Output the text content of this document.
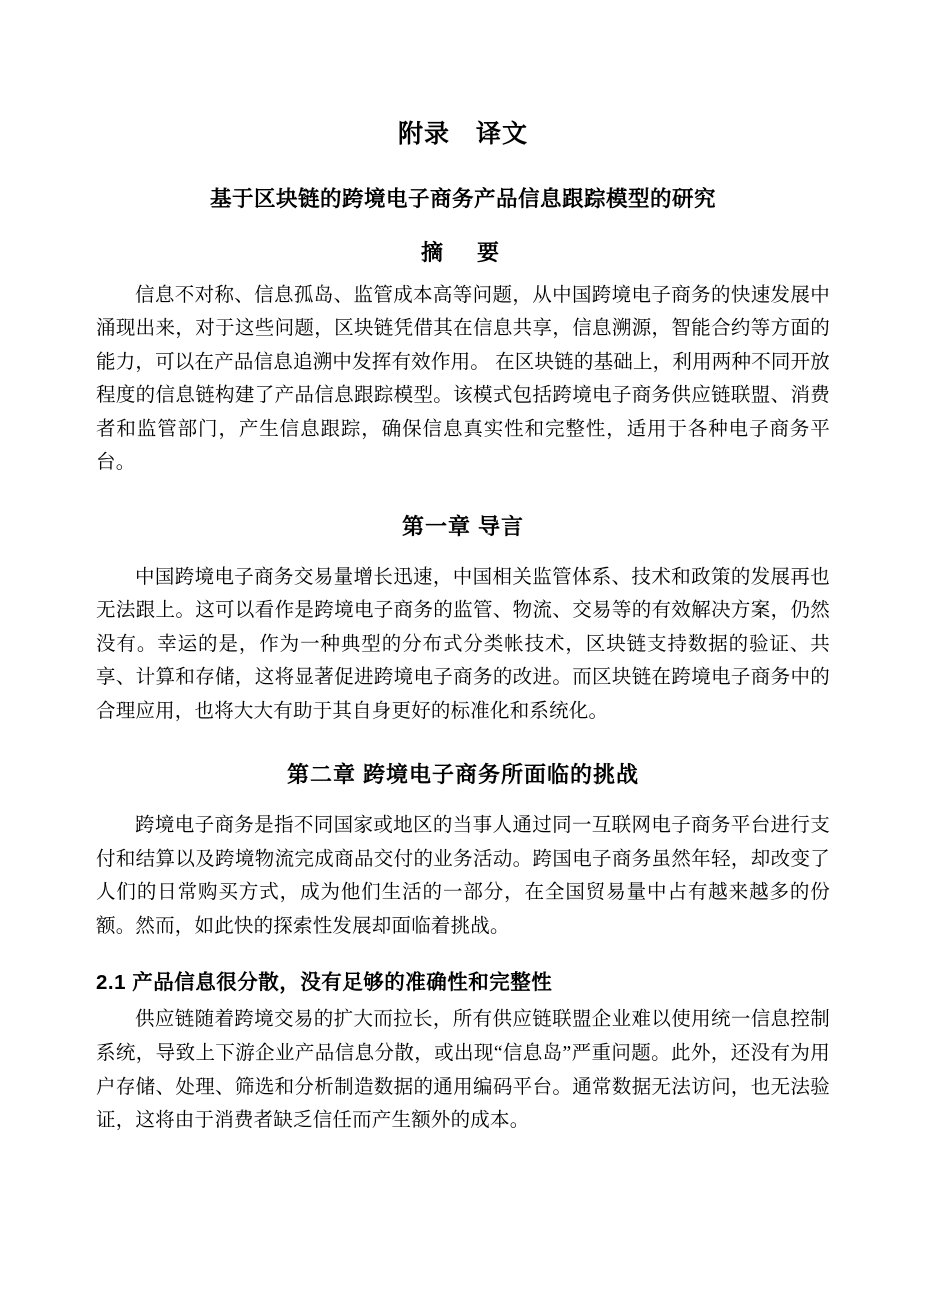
附录　译文
基于区块链的跨境电子商务产品信息跟踪模型的研究
摘　要

信息不对称、信息孤岛、监管成本高等问题，从中国跨境电子商务的快速发展中涌现出来，对于这些问题，区块链凭借其在信息共享，信息溯源，智能合约等方面的能力，可以在产品信息追溯中发挥有效作用。 在区块链的基础上，利用两种不同开放程度的信息链构建了产品信息跟踪模型。该模式包括跨境电子商务供应链联盟、消费者和监管部门，产生信息跟踪，确保信息真实性和完整性，适用于各种电子商务平台。

第一章 导言

中国跨境电子商务交易量增长迅速，中国相关监管体系、技术和政策的发展再也无法跟上。这可以看作是跨境电子商务的监管、物流、交易等的有效解决方案，仍然没有。幸运的是，作为一种典型的分布式分类帐技术，区块链支持数据的验证、共享、计算和存储，这将显著促进跨境电子商务的改进。而区块链在跨境电子商务中的合理应用，也将大大有助于其自身更好的标准化和系统化。

第二章 跨境电子商务所面临的挑战

跨境电子商务是指不同国家或地区的当事人通过同一互联网电子商务平台进行支付和结算以及跨境物流完成商品交付的业务活动。跨国电子商务虽然年轻，却改变了人们的日常购买方式，成为他们生活的一部分，在全国贸易量中占有越来越多的份额。然而，如此快的探索性发展却面临着挑战。

2.1 产品信息很分散，没有足够的准确性和完整性

供应链随着跨境交易的扩大而拉长，所有供应链联盟企业难以使用统一信息控制系统，导致上下游企业产品信息分散，或出现“信息岛”严重问题。此外，还没有为用户存储、处理、筛选和分析制造数据的通用编码平台。通常数据无法访问，也无法验证，这将由于消费者缺乏信任而产生额外的成本。
